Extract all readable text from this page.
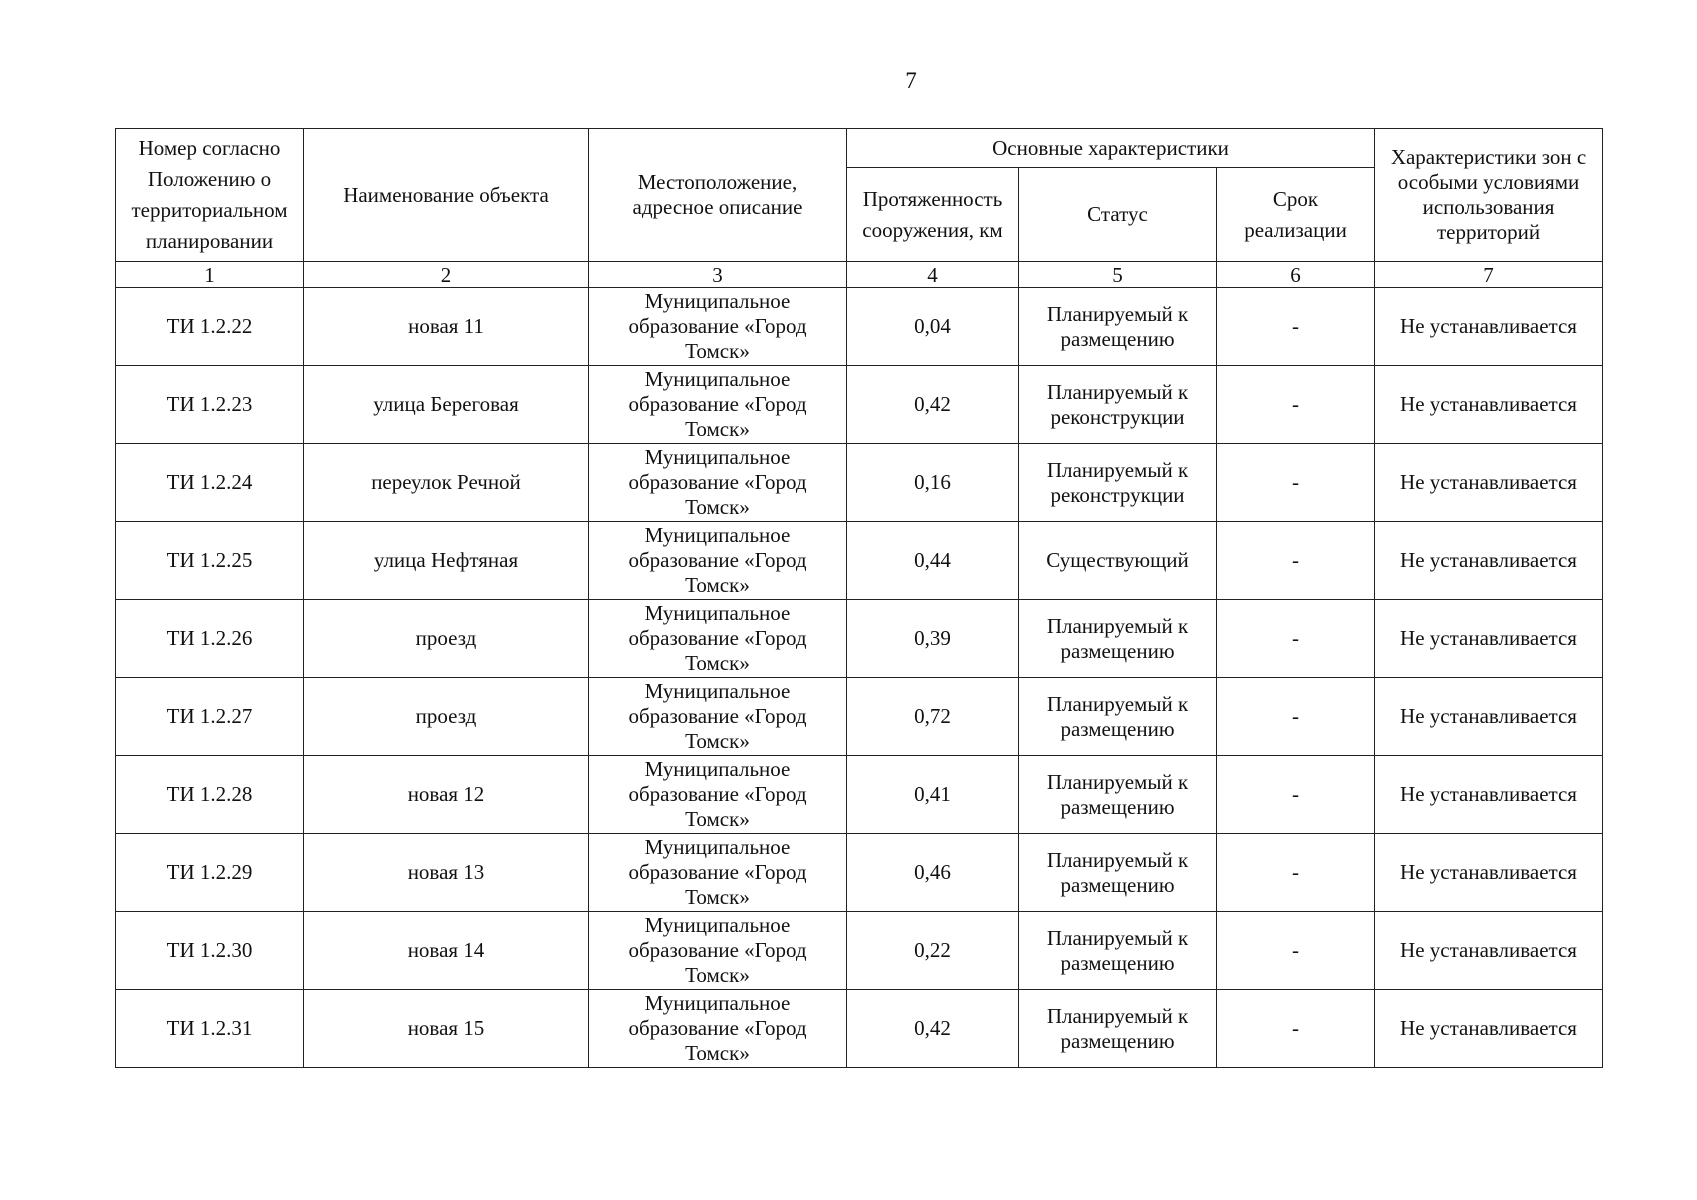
7
Номер согласно Положению о территориальном планировании	Наименование объекта	Местоположение, адресное описание	Основные характеристики			Характеристики зон с особыми условиями использования территорий
			Протяженность сооружения, км	Статус	Срок реализации	
1	2	3	4	5	6	7
ТИ 1.2.22	новая 11	Муниципальное образование «Город Томск»	0,04	Планируемый к размещению	-	Не устанавливается
ТИ 1.2.23	улица Береговая	Муниципальное образование «Город Томск»	0,42	Планируемый к реконструкции	-	Не устанавливается
ТИ 1.2.24	переулок Речной	Муниципальное образование «Город Томск»	0,16	Планируемый к реконструкции	-	Не устанавливается
ТИ 1.2.25	улица Нефтяная	Муниципальное образование «Город Томск»	0,44	Существующий	-	Не устанавливается
ТИ 1.2.26	проезд	Муниципальное образование «Город Томск»	0,39	Планируемый к размещению	-	Не устанавливается
ТИ 1.2.27	проезд	Муниципальное образование «Город Томск»	0,72	Планируемый к размещению	-	Не устанавливается
ТИ 1.2.28	новая 12	Муниципальное образование «Город Томск»	0,41	Планируемый к размещению	-	Не устанавливается
ТИ 1.2.29	новая 13	Муниципальное образование «Город Томск»	0,46	Планируемый к размещению	-	Не устанавливается
ТИ 1.2.30	новая 14	Муниципальное образование «Город Томск»	0,22	Планируемый к размещению	-	Не устанавливается
ТИ 1.2.31	новая 15	Муниципальное образование «Город Томск»	0,42	Планируемый к размещению	-	Не устанавливается
